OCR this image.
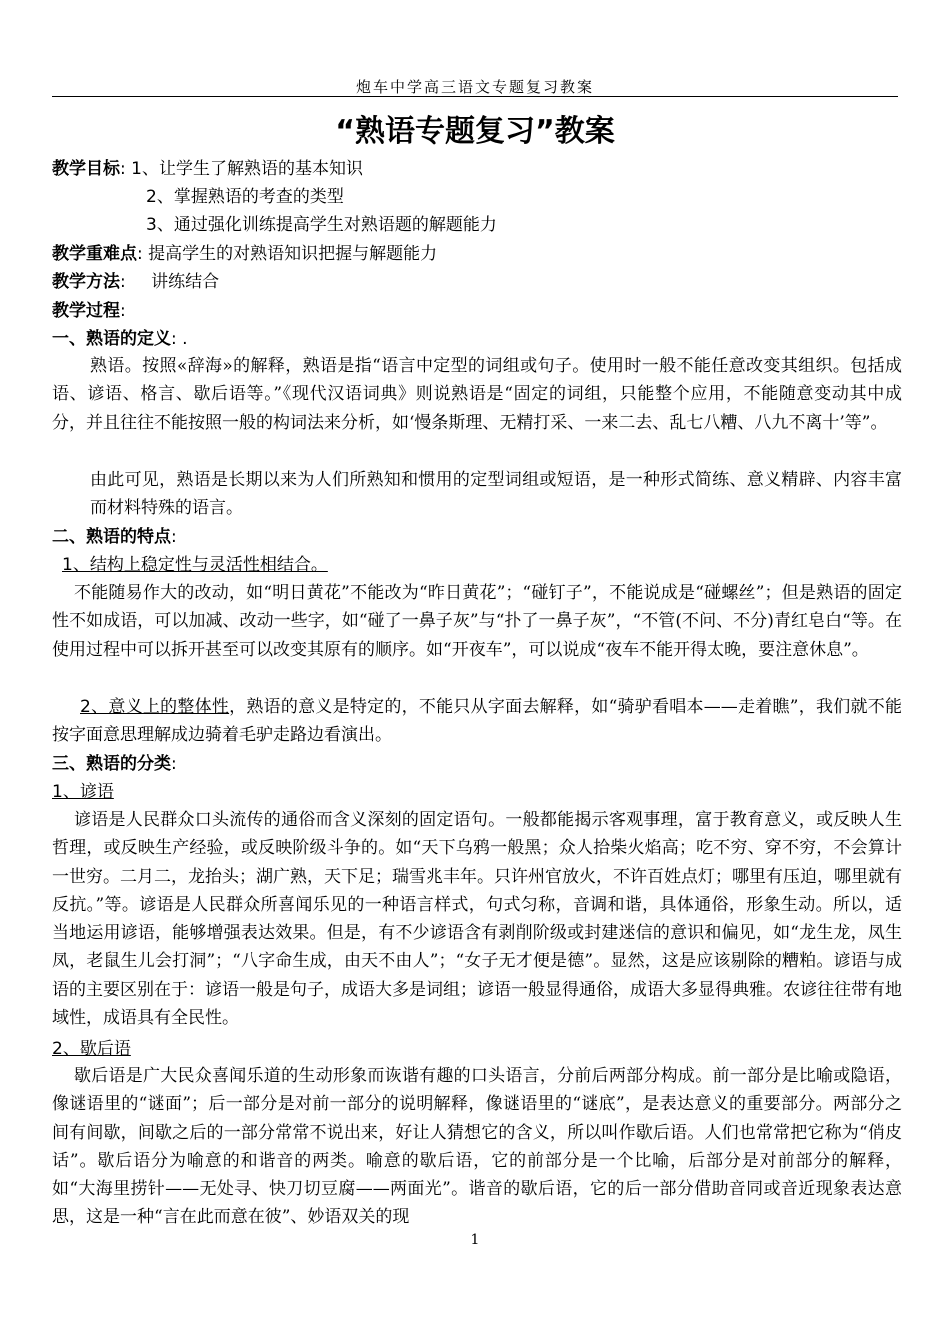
炮车中学高三语文专题复习教案
“熟语专题复习”教案
教学目标: 1、让学生了解熟语的基本知识
2、掌握熟语的考查的类型
3、通过强化训练提高学生对熟语题的解题能力
教学重难点: 提高学生的对熟语知识把握与解题能力
教学方法: 讲练结合
教学过程:
一、熟语的定义: .
熟语。按照«辞海»的解释，熟语是指“语言中定型的词组或句子。使用时一般不能任意改变其组织。包括成语、谚语、格言、歇后语等。”《现代汉语词典》则说熟语是“固定的词组，只能整个应用，不能随意变动其中成分，并且往往不能按照一般的构词法来分析，如‘慢条斯理、无精打采、一来二去、乱七八糟、八九不离十’等”。
由此可见，熟语是长期以来为人们所熟知和惯用的定型词组或短语，是一种形式简练、意义精辟、内容丰富而材料特殊的语言。
二、熟语的特点:
1、结构上稳定性与灵活性相结合。
不能随易作大的改动，如“明日黄花”不能改为“昨日黄花”；“碰钉子”，不能说成是“碰螺丝”；但是熟语的固定性不如成语，可以加减、改动一些字，如“碰了一鼻子灰”与“扑了一鼻子灰”，“不管(不问、不分)青红皂白“等。在使用过程中可以拆开甚至可以改变其原有的顺序。如“开夜车”，可以说成“夜车不能开得太晚，要注意休息”。
2、意义上的整体性，熟语的意义是特定的，不能只从字面去解释，如“骑驴看唱本——走着瞧”，我们就不能按字面意思理解成边骑着毛驴走路边看演出。
三、熟语的分类:
1、谚语
谚语是人民群众口头流传的通俗而含义深刻的固定语句。一般都能揭示客观事理，富于教育意义，或反映人生哲理，或反映生产经验，或反映阶级斗争的。如“天下乌鸦一般黑；众人拾柴火焰高；吃不穷、穿不穷，不会算计一世穷。二月二，龙抬头；湖广熟，天下足；瑞雪兆丰年。只许州官放火，不许百姓点灯；哪里有压迫，哪里就有反抗。”等。谚语是人民群众所喜闻乐见的一种语言样式，句式匀称，音调和谐，具体通俗，形象生动。所以，适当地运用谚语，能够增强表达效果。但是，有不少谚语含有剥削阶级或封建迷信的意识和偏见，如“龙生龙，凤生凤，老鼠生儿会打洞”；“八字命生成，由天不由人”；“女子无才便是德”。显然，这是应该剔除的糟粕。谚语与成语的主要区别在于：谚语一般是句子，成语大多是词组；谚语一般显得通俗，成语大多显得典雅。农谚往往带有地域性，成语具有全民性。
2、歇后语
歇后语是广大民众喜闻乐道的生动形象而诙谐有趣的口头语言，分前后两部分构成。前一部分是比喻或隐语，像谜语里的“谜面”；后一部分是对前一部分的说明解释，像谜语里的“谜底”，是表达意义的重要部分。两部分之间有间歇，间歇之后的一部分常常不说出来，好让人猜想它的含义，所以叫作歇后语。人们也常常把它称为“俏皮话”。歇后语分为喻意的和谐音的两类。喻意的歇后语，它的前部分是一个比喻，后部分是对前部分的解释，如“大海里捞针——无处寻、快刀切豆腐——两面光”。谐音的歇后语，它的后一部分借助音同或音近现象表达意思，这是一种“言在此而意在彼”、妙语双关的现
1
